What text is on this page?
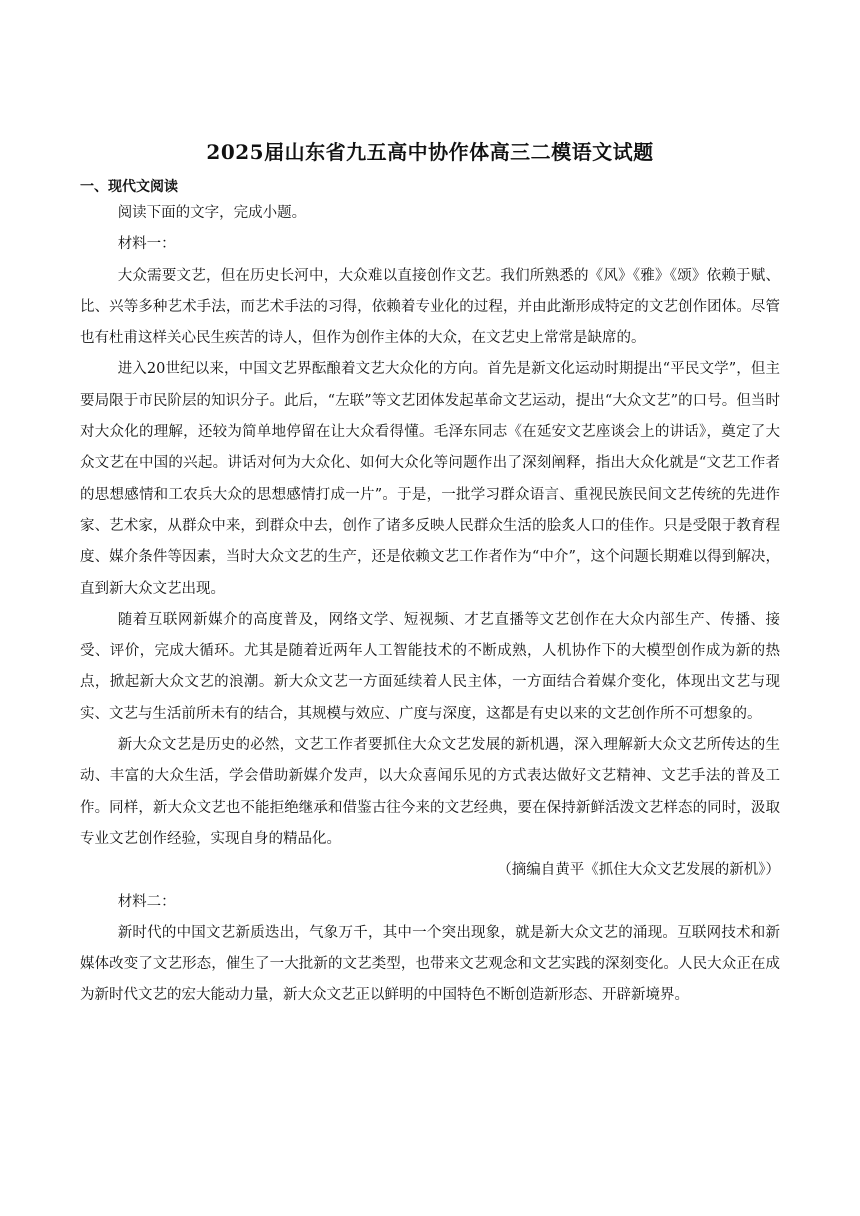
2025届山东省九五高中协作体高三二模语文试题
一、现代文阅读

阅读下面的文字，完成小题。

材料一：

大众需要文艺，但在历史长河中，大众难以直接创作文艺。我们所熟悉的《风》《雅》《颂》依赖于赋、比、兴等多种艺术手法，而艺术手法的习得，依赖着专业化的过程，并由此渐形成特定的文艺创作团体。尽管也有杜甫这样关心民生疾苦的诗人，但作为创作主体的大众，在文艺史上常常是缺席的。

进入20世纪以来，中国文艺界酝酿着文艺大众化的方向。首先是新文化运动时期提出“平民文学”，但主要局限于市民阶层的知识分子。此后，“左联”等文艺团体发起革命文艺运动，提出“大众文艺”的口号。但当时对大众化的理解，还较为简单地停留在让大众看得懂。毛泽东同志《在延安文艺座谈会上的讲话》，奠定了大众文艺在中国的兴起。讲话对何为大众化、如何大众化等问题作出了深刻阐释，指出大众化就是“文艺工作者的思想感情和工农兵大众的思想感情打成一片”。于是，一批学习群众语言、重视民族民间文艺传统的先进作家、艺术家，从群众中来，到群众中去，创作了诸多反映人民群众生活的脍炙人口的佳作。只是受限于教育程度、媒介条件等因素，当时大众文艺的生产，还是依赖文艺工作者作为“中介”，这个问题长期难以得到解决，直到新大众文艺出现。

随着互联网新媒介的高度普及，网络文学、短视频、才艺直播等文艺创作在大众内部生产、传播、接受、评价，完成大循环。尤其是随着近两年人工智能技术的不断成熟，人机协作下的大模型创作成为新的热点，掀起新大众文艺的浪潮。新大众文艺一方面延续着人民主体，一方面结合着媒介变化，体现出文艺与现实、文艺与生活前所未有的结合，其规模与效应、广度与深度，这都是有史以来的文艺创作所不可想象的。

新大众文艺是历史的必然，文艺工作者要抓住大众文艺发展的新机遇，深入理解新大众文艺所传达的生动、丰富的大众生活，学会借助新媒介发声，以大众喜闻乐见的方式表达做好文艺精神、文艺手法的普及工作。同样，新大众文艺也不能拒绝继承和借鉴古往今来的文艺经典，要在保持新鲜活泼文艺样态的同时，汲取专业文艺创作经验，实现自身的精品化。

（摘编自黄平《抓住大众文艺发展的新机》）

材料二：

新时代的中国文艺新质迭出，气象万千，其中一个突出现象，就是新大众文艺的涌现。互联网技术和新媒体改变了文艺形态，催生了一大批新的文艺类型，也带来文艺观念和文艺实践的深刻变化。人民大众正在成为新时代文艺的宏大能动力量，新大众文艺正以鲜明的中国特色不断创造新形态、开辟新境界。
